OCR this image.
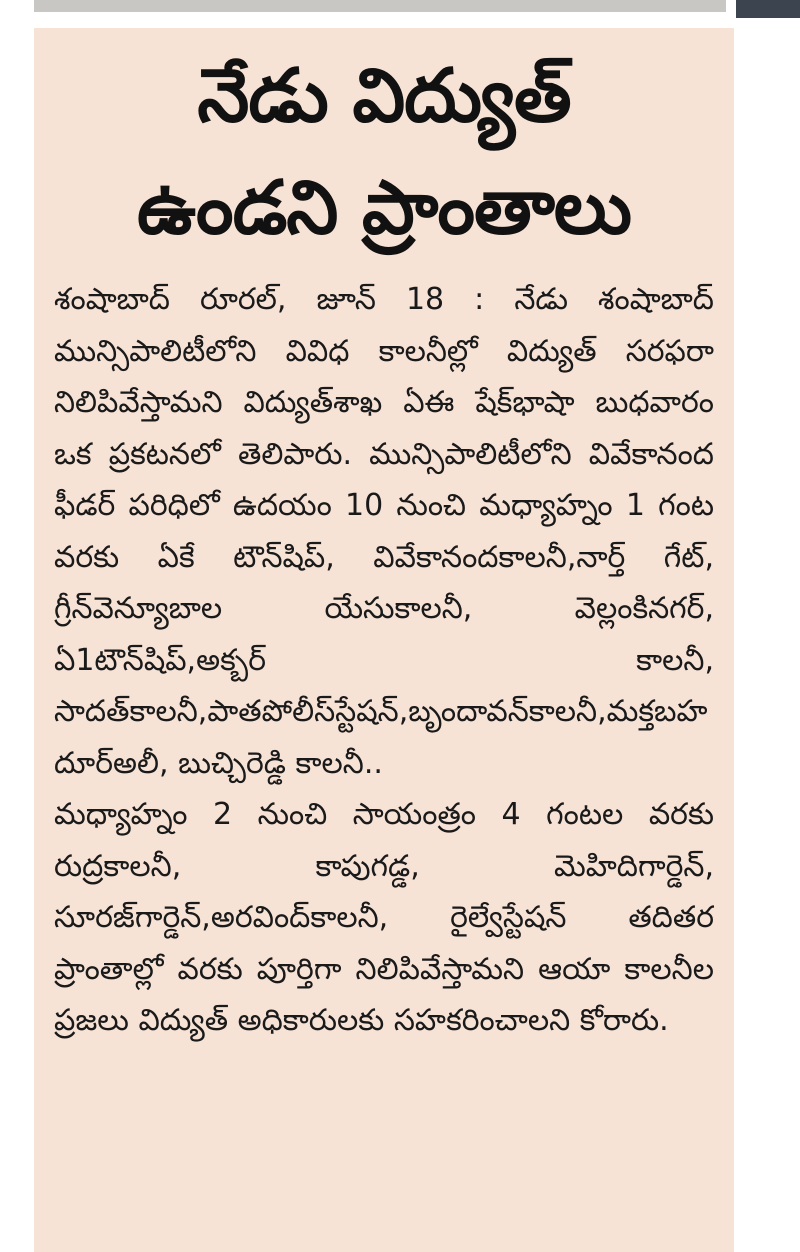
నేడు విద్యుత్
ఉండని ప్రాంతాలు

శంషాబాద్ రూరల్, జూన్ 18 : నేడు శంషాబాద్ మున్సిపాలిటీలోని వివిధ కాలనీల్లో విద్యుత్ సరఫరా నిలిపివేస్తామని విద్యుత్‌శాఖ ఏఈ షేక్‌భాషా బుధవారం ఒక ప్రకటనలో తెలిపారు. మున్సిపాలిటీలోని వివేకానంద ఫీడర్ పరిధిలో ఉదయం 10 నుంచి మధ్యాహ్నం 1 గంట వరకు ఏకే టౌన్‌షిప్, వివేకానందకాలనీ,నార్త్ గేట్, గ్రీన్‌వెన్యూబాల యేసుకాలనీ, వెల్లంకినగర్, ఏ1టౌన్‌షిప్,అక్బర్ కాలనీ, సాదత్‌కాలనీ,పాతపోలీస్‌స్టేషన్,బృందావన్‌కాలనీ,మక్తబహదూర్‌అలీ, బుచ్చిరెడ్డి కాలనీ..

మధ్యాహ్నం 2 నుంచి సాయంత్రం 4 గంటల వరకు రుద్రకాలనీ, కాపుగడ్డ, మెహిదిగార్డెన్, సూరజ్‌గార్డెన్,అరవింద్‌కాలనీ, రైల్వేస్టేషన్ తదితర ప్రాంతాల్లో వరకు పూర్తిగా నిలిపివేస్తామని ఆయా కాలనీల ప్రజలు విద్యుత్ అధికారులకు సహకరించాలని కోరారు.
